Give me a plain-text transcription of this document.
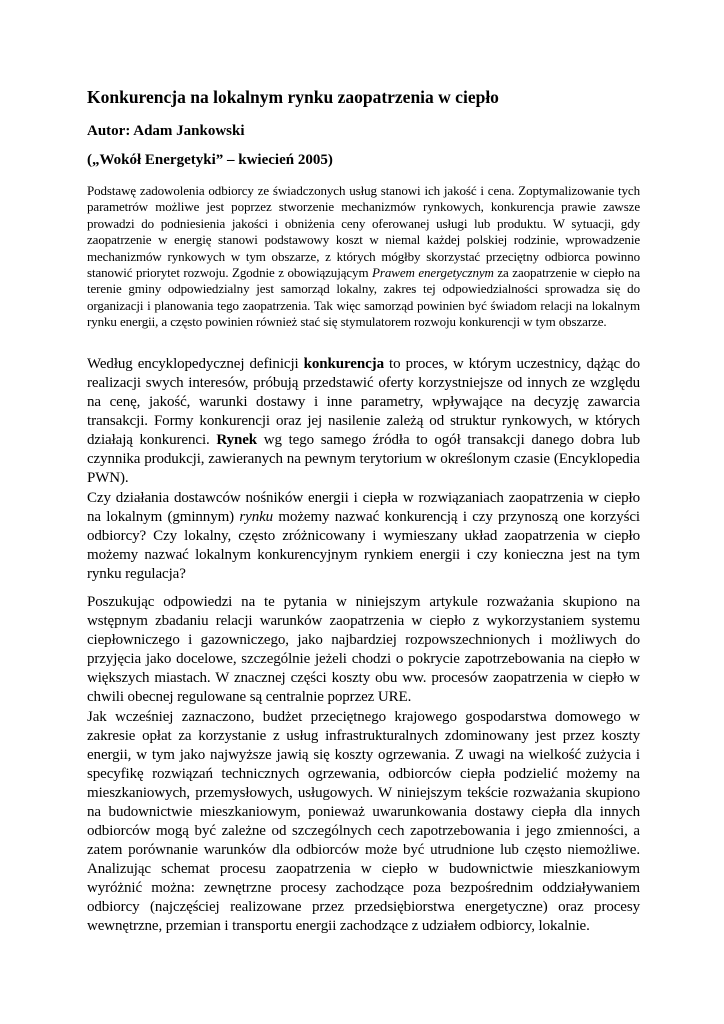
Konkurencja na lokalnym rynku zaopatrzenia w ciepło

Autor: Adam Jankowski

(„Wokół Energetyki” – kwiecień 2005)

Podstawę zadowolenia odbiorcy ze świadczonych usług stanowi ich jakość i cena. Zoptymalizowanie tych parametrów możliwe jest poprzez stworzenie mechanizmów rynkowych, konkurencja prawie zawsze prowadzi do podniesienia jakości i obniżenia ceny oferowanej usługi lub produktu. W sytuacji, gdy zaopatrzenie w energię stanowi podstawowy koszt w niemal każdej polskiej rodzinie, wprowadzenie mechanizmów rynkowych w tym obszarze, z których mógłby skorzystać przeciętny odbiorca powinno stanowić priorytet rozwoju. Zgodnie z obowiązującym Prawem energetycznym za zaopatrzenie w ciepło na terenie gminy odpowiedzialny jest samorząd lokalny, zakres tej odpowiedzialności sprowadza się do organizacji i planowania tego zaopatrzenia. Tak więc samorząd powinien być świadom relacji na lokalnym rynku energii, a często powinien również stać się stymulatorem rozwoju konkurencji w tym obszarze.

Według encyklopedycznej definicji konkurencja to proces, w którym uczestnicy, dążąc do realizacji swych interesów, próbują przedstawić oferty korzystniejsze od innych ze względu na cenę, jakość, warunki dostawy i inne parametry, wpływające na decyzję zawarcia transakcji. Formy konkurencji oraz jej nasilenie zależą od struktur rynkowych, w których działają konkurenci. Rynek wg tego samego źródła to ogół transakcji danego dobra lub czynnika produkcji, zawieranych na pewnym terytorium w określonym czasie (Encyklopedia PWN).

Czy działania dostawców nośników energii i ciepła w rozwiązaniach zaopatrzenia w ciepło na lokalnym (gminnym) rynku możemy nazwać konkurencją i czy przynoszą one korzyści odbiorcy? Czy lokalny, często zróżnicowany i wymieszany układ zaopatrzenia w ciepło możemy nazwać lokalnym konkurencyjnym rynkiem energii i czy konieczna jest na tym rynku regulacja?

Poszukując odpowiedzi na te pytania w niniejszym artykule rozważania skupiono na wstępnym zbadaniu relacji warunków zaopatrzenia w ciepło z wykorzystaniem systemu ciepłowniczego i gazowniczego, jako najbardziej rozpowszechnionych i możliwych do przyjęcia jako docelowe, szczególnie jeżeli chodzi o pokrycie zapotrzebowania na ciepło w większych miastach. W znacznej części koszty obu ww. procesów zaopatrzenia w ciepło w chwili obecnej regulowane są centralnie poprzez URE.

Jak wcześniej zaznaczono, budżet przeciętnego krajowego gospodarstwa domowego w zakresie opłat za korzystanie z usług infrastrukturalnych zdominowany jest przez koszty energii, w tym jako najwyższe jawią się koszty ogrzewania. Z uwagi na wielkość zużycia i specyfikę rozwiązań technicznych ogrzewania, odbiorców ciepła podzielić możemy na mieszkaniowych, przemysłowych, usługowych. W niniejszym tekście rozważania skupiono na budownictwie mieszkaniowym, ponieważ uwarunkowania dostawy ciepła dla innych odbiorców mogą być zależne od szczególnych cech zapotrzebowania i jego zmienności, a zatem porównanie warunków dla odbiorców może być utrudnione lub często niemożliwe. Analizując schemat procesu zaopatrzenia w ciepło w budownictwie mieszkaniowym wyróżnić można: zewnętrzne procesy zachodzące poza bezpośrednim oddziaływaniem odbiorcy (najczęściej realizowane przez przedsiębiorstwa energetyczne) oraz procesy wewnętrzne, przemian i transportu energii zachodzące z udziałem odbiorcy, lokalnie.
